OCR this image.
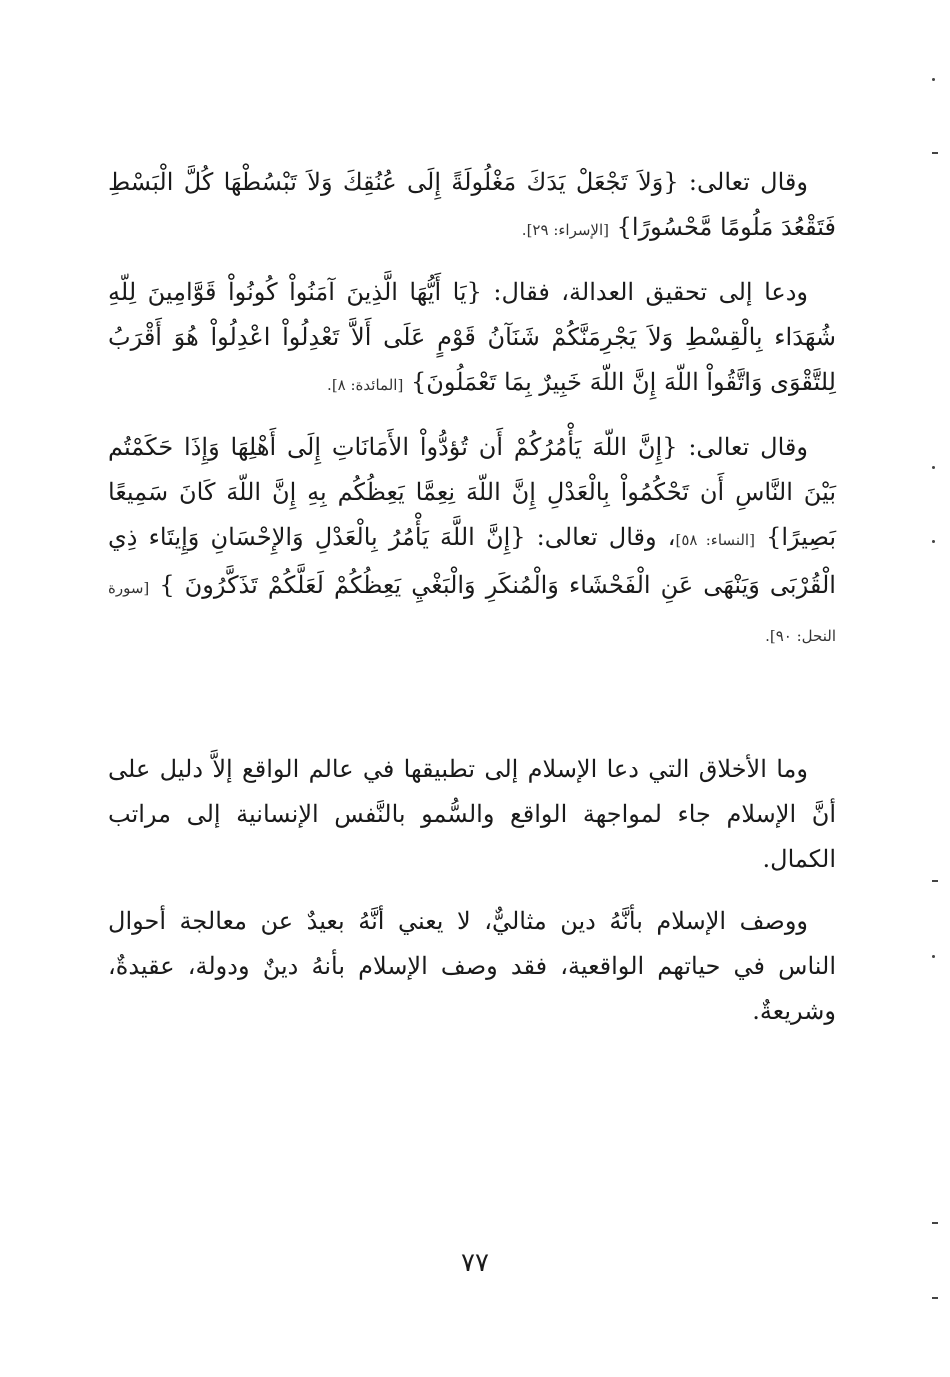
وقال تعالى: {وَلاَ تَجْعَلْ يَدَكَ مَغْلُولَةً إِلَى عُنُقِكَ وَلاَ تَبْسُطْهَا كُلَّ الْبَسْطِ فَتَقْعُدَ مَلُومًا مَّحْسُورًا} [الإسراء: ٢٩].

ودعا إلى تحقيق العدالة، فقال: {يَا أَيُّهَا الَّذِينَ آمَنُواْ كُونُواْ قَوَّامِينَ لِلّهِ شُهَدَاء بِالْقِسْطِ وَلاَ يَجْرِمَنَّكُمْ شَنَآنُ قَوْمٍ عَلَى أَلاَّ تَعْدِلُواْ اعْدِلُواْ هُوَ أَقْرَبُ لِلتَّقْوَى وَاتَّقُواْ اللّهَ إِنَّ اللّهَ خَبِيرٌ بِمَا تَعْمَلُونَ} [المائدة: ٨].

وقال تعالى: {إِنَّ اللّهَ يَأْمُرُكُمْ أَن تُؤدُّواْ الأَمَانَاتِ إِلَى أَهْلِهَا وَإِذَا حَكَمْتُم بَيْنَ النَّاسِ أَن تَحْكُمُواْ بِالْعَدْلِ إِنَّ اللّهَ نِعِمَّا يَعِظُكُم بِهِ إِنَّ اللّهَ كَانَ سَمِيعًا بَصِيرًا} [النساء: ٥٨]، وقال تعالى: {إِنَّ اللَّهَ يَأْمُرُ بِالْعَدْلِ وَالإِحْسَانِ وَإِيتَاء ذِي الْقُرْبَى وَيَنْهَى عَنِ الْفَحْشَاء وَالْمُنكَرِ وَالْبَغْيِ يَعِظُكُمْ لَعَلَّكُمْ تَذَكَّرُونَ } [سورة النحل: ٩٠].

وما الأخلاق التي دعا الإسلام إلى تطبيقها في عالم الواقع إلاَّ دليل على أنَّ الإسلام جاء لمواجهة الواقع والسُّمو بالنَّفس الإنسانية إلى مراتب الكمال.

ووصف الإسلام بأنَّهُ دين مثاليٌّ، لا يعني أنَّهُ بعيدٌ عن معالجة أحوال الناس في حياتهم الواقعية، فقد وصف الإسلام بأنهُ دينٌ ودولة، عقيدةٌ، وشريعةٌ.

٧٧
